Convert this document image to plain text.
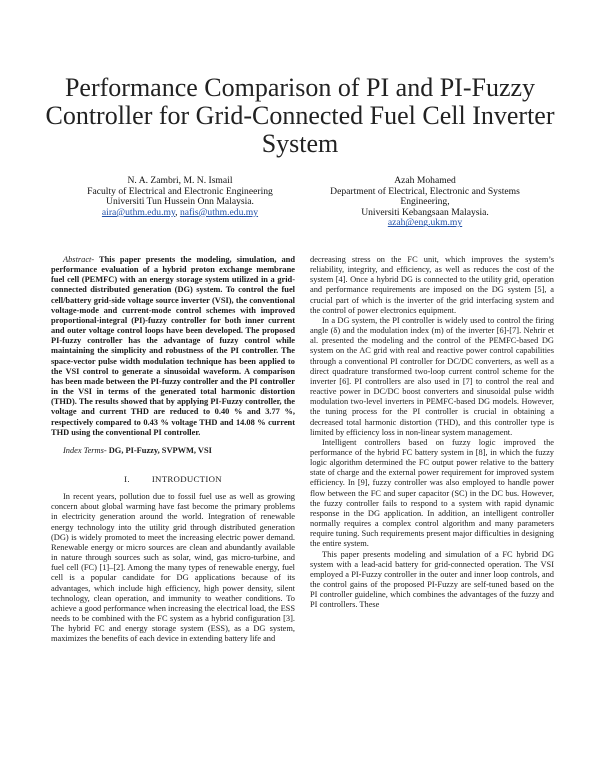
Performance Comparison of PI and PI-Fuzzy
Controller for Grid-Connected Fuel Cell Inverter
System
N. A. Zambri, M. N. Ismail
Faculty of Electrical and Electronic Engineering
Universiti Tun Hussein Onn Malaysia.
aira@uthm.edu.my, nafis@uthm.edu.my
Azah Mohamed
Department of Electrical, Electronic and Systems
Engineering,
Universiti Kebangsaan Malaysia.
azah@eng.ukm.my

Abstract- This paper presents the modeling, simulation, and performance evaluation of a hybrid proton exchange membrane fuel cell (PEMFC) with an energy storage system utilized in a grid-connected distributed generation (DG) system. To control the fuel cell/battery grid-side voltage source inverter (VSI), the conventional voltage-mode and current-mode control schemes with improved proportional-integral (PI)-fuzzy controller for both inner current and outer voltage control loops have been developed. The proposed PI-fuzzy controller has the advantage of fuzzy control while maintaining the simplicity and robustness of the PI controller. The space-vector pulse width modulation technique has been applied to the VSI control to generate a sinusoidal waveform. A comparison has been made between the PI-fuzzy controller and the PI controller in the VSI in terms of the generated total harmonic distortion (THD). The results showed that by applying PI-Fuzzy controller, the voltage and current THD are reduced to 0.40 % and 3.77 %, respectively compared to 0.43 % voltage THD and 14.08 % current THD using the conventional PI controller.

Index Terms- DG, PI-Fuzzy, SVPWM, VSI

I.	INTRODUCTION

In recent years, pollution due to fossil fuel use as well as growing concern about global warming have fast become the primary problems in electricity generation around the world. Integration of renewable energy technology into the utility grid through distributed generation (DG) is widely promoted to meet the increasing electric power demand. Renewable energy or micro sources are clean and abundantly available in nature through sources such as solar, wind, gas micro-turbine, and fuel cell (FC) [1]–[2]. Among the many types of renewable energy, fuel cell is a popular candidate for DG applications because of its advantages, which include high efficiency, high power density, silent technology, clean operation, and immunity to weather conditions. To achieve a good performance when increasing the electrical load, the ESS needs to be combined with the FC system as a hybrid configuration [3]. The hybrid FC and energy storage system (ESS), as a DG system, maximizes the benefits of each device in extending battery life and

decreasing stress on the FC unit, which improves the system’s reliability, integrity, and efficiency, as well as reduces the cost of the system [4]. Once a hybrid DG is connected to the utility grid, operation and performance requirements are imposed on the DG system [5], a crucial part of which is the inverter of the grid interfacing system and the control of power electronics equipment.

In a DG system, the PI controller is widely used to control the firing angle (δ) and the modulation index (m) of the inverter [6]-[7]. Nehrir et al. presented the modeling and the control of the PEMFC-based DG system on the AC grid with real and reactive power control capabilities through a conventional PI controller for DC/DC converters, as well as a direct quadrature transformed two-loop current control scheme for the inverter [6]. PI controllers are also used in [7] to control the real and reactive power in DC/DC boost converters and sinusoidal pulse width modulation two-level inverters in PEMFC-based DG models. However, the tuning process for the PI controller is crucial in obtaining a decreased total harmonic distortion (THD), and this controller type is limited by efficiency loss in non-linear system management.

Intelligent controllers based on fuzzy logic improved the performance of the hybrid FC battery system in [8], in which the fuzzy logic algorithm determined the FC output power relative to the battery state of charge and the external power requirement for improved system efficiency. In [9], fuzzy controller was also employed to handle power flow between the FC and super capacitor (SC) in the DC bus. However, the fuzzy controller fails to respond to a system with rapid dynamic response in the DG application. In addition, an intelligent controller normally requires a complex control algorithm and many parameters require tuning. Such requirements present major difficulties in designing the entire system.

This paper presents modeling and simulation of a FC hybrid DG system with a lead-acid battery for grid-connected operation. The VSI employed a PI-Fuzzy controller in the outer and inner loop controls, and the control gains of the proposed PI-Fuzzy are self-tuned based on the PI controller guideline, which combines the advantages of the fuzzy and PI controllers. These
